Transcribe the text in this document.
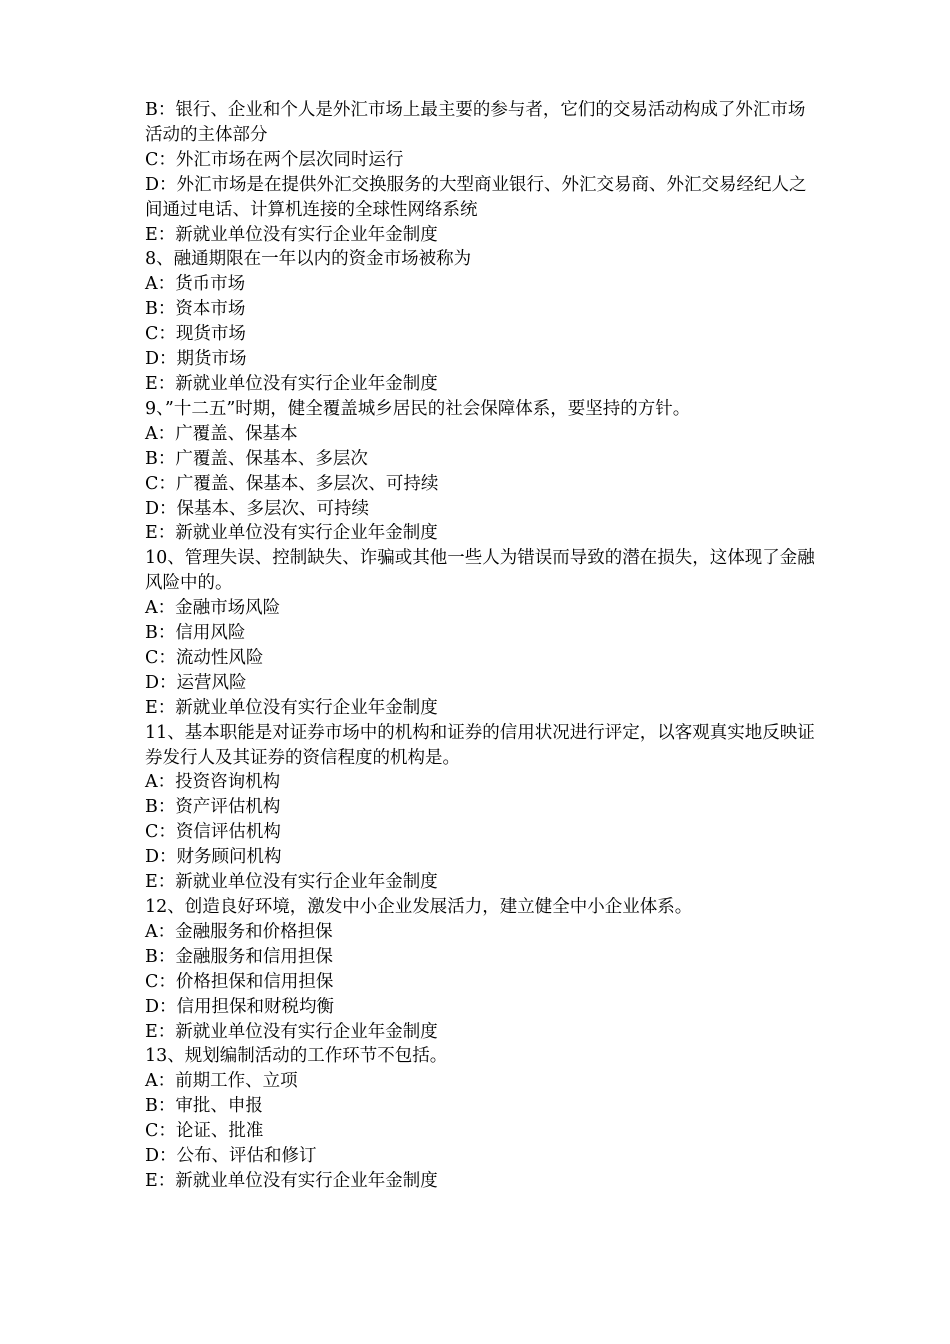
B：银行、企业和个人是外汇市场上最主要的参与者，它们的交易活动构成了外汇市场活动的主体部分

C：外汇市场在两个层次同时运行

D：外汇市场是在提供外汇交换服务的大型商业银行、外汇交易商、外汇交易经纪人之间通过电话、计算机连接的全球性网络系统

E：新就业单位没有实行企业年金制度

8、融通期限在一年以内的资金市场被称为

A：货币市场

B：资本市场

C：现货市场

D：期货市场

E：新就业单位没有实行企业年金制度

9、”十二五”时期，健全覆盖城乡居民的社会保障体系，要坚持的方针。

A：广覆盖、保基本

B：广覆盖、保基本、多层次

C：广覆盖、保基本、多层次、可持续

D：保基本、多层次、可持续

E：新就业单位没有实行企业年金制度

10、管理失误、控制缺失、诈骗或其他一些人为错误而导致的潜在损失，这体现了金融风险中的。

A：金融市场风险

B：信用风险

C：流动性风险

D：运营风险

E：新就业单位没有实行企业年金制度

11、基本职能是对证券市场中的机构和证券的信用状况进行评定，以客观真实地反映证券发行人及其证券的资信程度的机构是。

A：投资咨询机构

B：资产评估机构

C：资信评估机构

D：财务顾问机构

E：新就业单位没有实行企业年金制度

12、创造良好环境，激发中小企业发展活力，建立健全中小企业体系。

A：金融服务和价格担保

B：金融服务和信用担保

C：价格担保和信用担保

D：信用担保和财税均衡

E：新就业单位没有实行企业年金制度

13、规划编制活动的工作环节不包括。

A：前期工作、立项

B：审批、申报

C：论证、批准

D：公布、评估和修订

E：新就业单位没有实行企业年金制度
